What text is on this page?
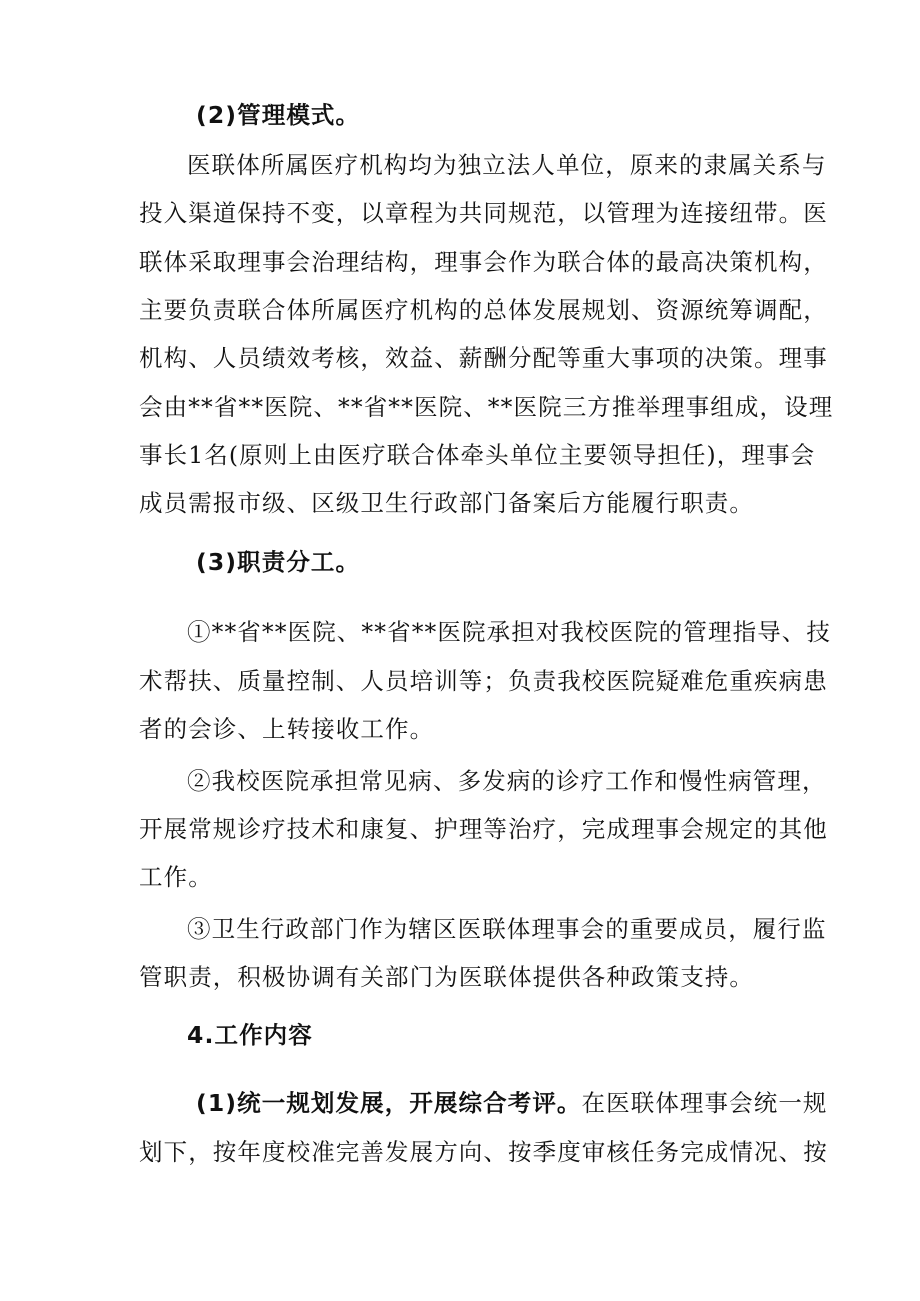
(2)管理模式。
医联体所属医疗机构均为独立法人单位，原来的隶属关系与
投入渠道保持不变，以章程为共同规范，以管理为连接纽带。医
联体采取理事会治理结构，理事会作为联合体的最高决策机构，
主要负责联合体所属医疗机构的总体发展规划、资源统筹调配，
机构、人员绩效考核，效益、薪酬分配等重大事项的决策。理事
会由**省**医院、**省**医院、**医院三方推举理事组成，设理
事长1名(原则上由医疗联合体牵头单位主要领导担任)，理事会
成员需报市级、区级卫生行政部门备案后方能履行职责。
(3)职责分工。
①**省**医院、**省**医院承担对我校医院的管理指导、技
术帮扶、质量控制、人员培训等；负责我校医院疑难危重疾病患
者的会诊、上转接收工作。
②我校医院承担常见病、多发病的诊疗工作和慢性病管理，
开展常规诊疗技术和康复、护理等治疗，完成理事会规定的其他
工作。
③卫生行政部门作为辖区医联体理事会的重要成员，履行监
管职责，积极协调有关部门为医联体提供各种政策支持。
4.工作内容
(1)统一规划发展，开展综合考评。在医联体理事会统一规
划下，按年度校准完善发展方向、按季度审核任务完成情况、按
